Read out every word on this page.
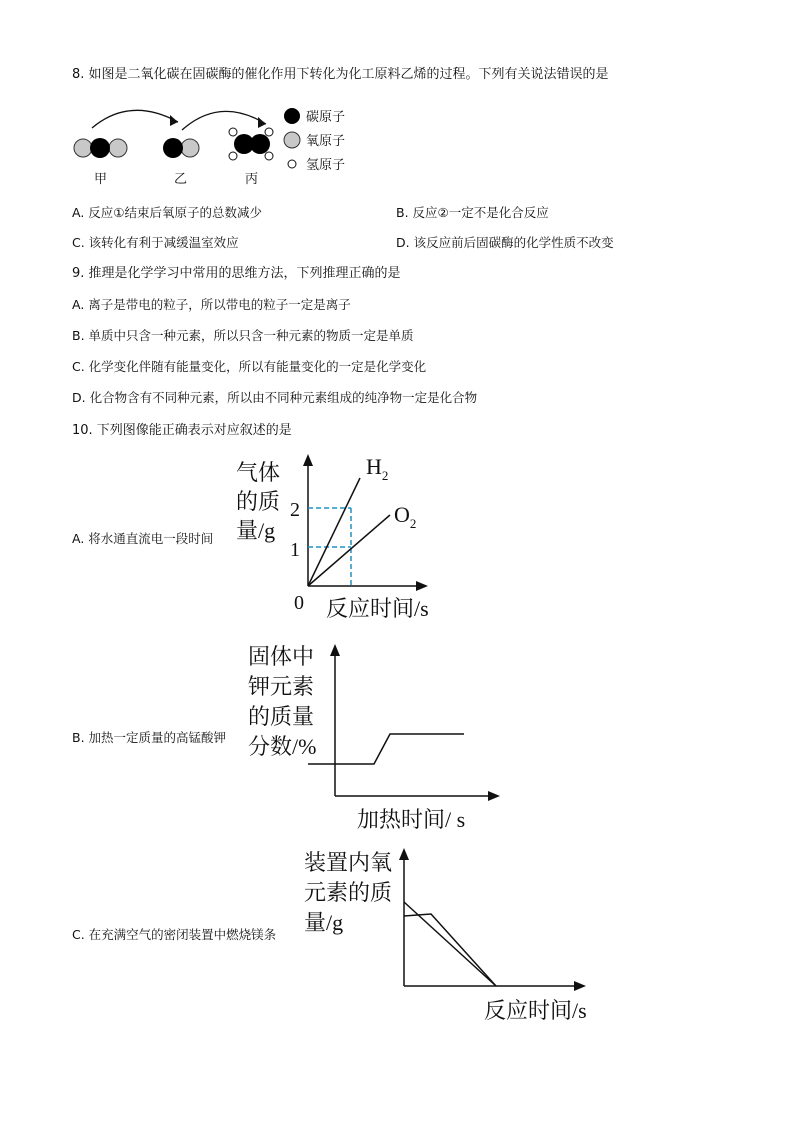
8. 如图是二氧化碳在固碳酶的催化作用下转化为化工原料乙烯的过程。下列有关说法错误的是
甲	乙	丙
碳原子
氧原子
氢原子
A. 反应①结束后氧原子的总数减少	B. 反应②一定不是化合反应
C. 该转化有利于减缓温室效应	D. 该反应前后固碳酶的化学性质不改变
9. 推理是化学学习中常用的思维方法，下列推理正确的是
A. 离子是带电的粒子，所以带电的粒子一定是离子
B. 单质中只含一种元素，所以只含一种元素的物质一定是单质
C. 化学变化伴随有能量变化，所以有能量变化的一定是化学变化
D. 化合物含有不同种元素，所以由不同种元素组成的纯净物一定是化合物
10. 下列图像能正确表示对应叙述的是
A. 将水通直流电一段时间
气体
的质
量/g
2
1
0
$H_2$
$O_2$
反应时间/s
B. 加热一定质量的高锰酸钾
固体中
钾元素
的质量
分数/%
加热时间/ s
C. 在充满空气的密闭装置中燃烧镁条
装置内氧
元素的质
量/g
反应时间/s
